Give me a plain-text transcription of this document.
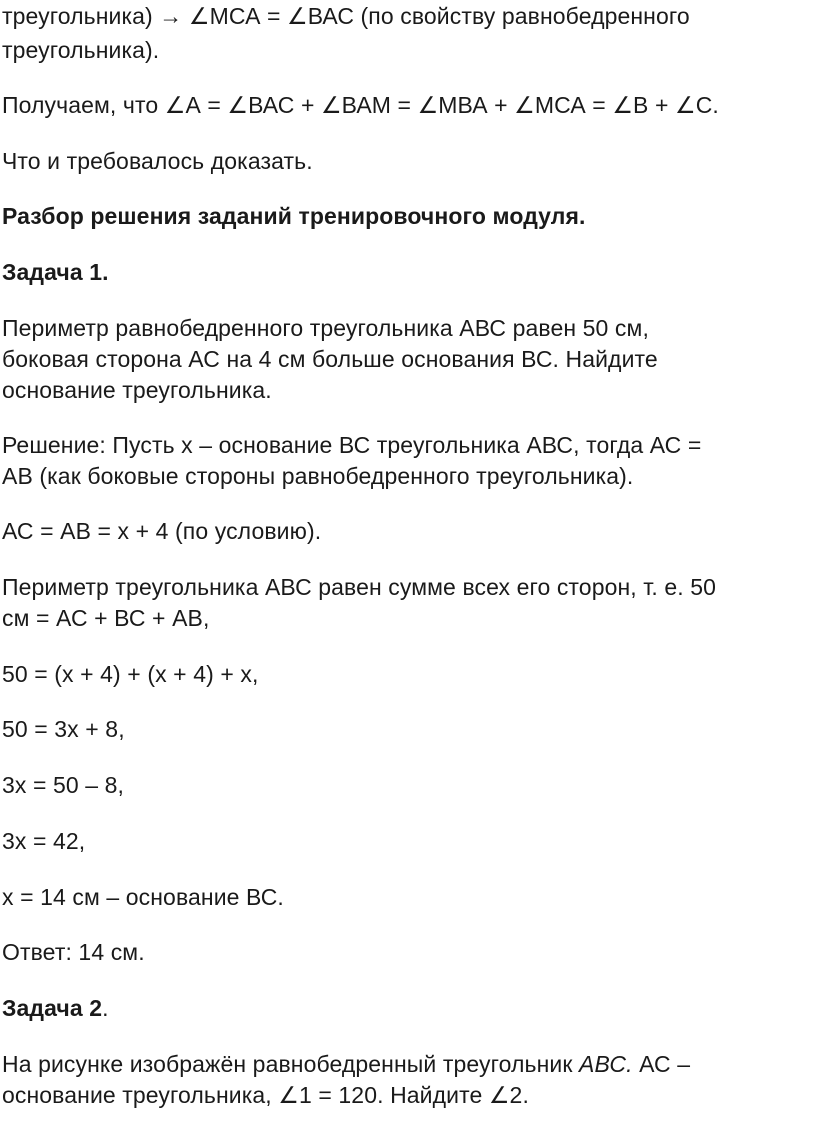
треугольника) → ∠МСА = ∠ВАС (по свойству равнобедренного
треугольника).
Получаем, что ∠А = ∠ВАС + ∠ВАМ = ∠МВА + ∠МСА = ∠В + ∠С.
Что и требовалось доказать.
Разбор решения заданий тренировочного модуля.
Задача 1.
Периметр равнобедренного треугольника АВС равен 50 см,
боковая сторона АС на 4 см больше основания ВС. Найдите
основание треугольника.
Решение: Пусть х – основание ВС треугольника АВС, тогда АС =
АВ (как боковые стороны равнобедренного треугольника).
АС = АВ = х + 4 (по условию).
Периметр треугольника АВС равен сумме всех его сторон, т. е. 50
см = АС + ВС + АВ,
50 = (х + 4) + (х + 4) + х,
50 = 3х + 8,
3х = 50 – 8,
3х = 42,
х = 14 см – основание ВС.
Ответ: 14 см.
Задача 2.
На рисунке изображён равнобедренный треугольник АВС. АС –
основание треугольника, ∠1 = 120. Найдите ∠2.
